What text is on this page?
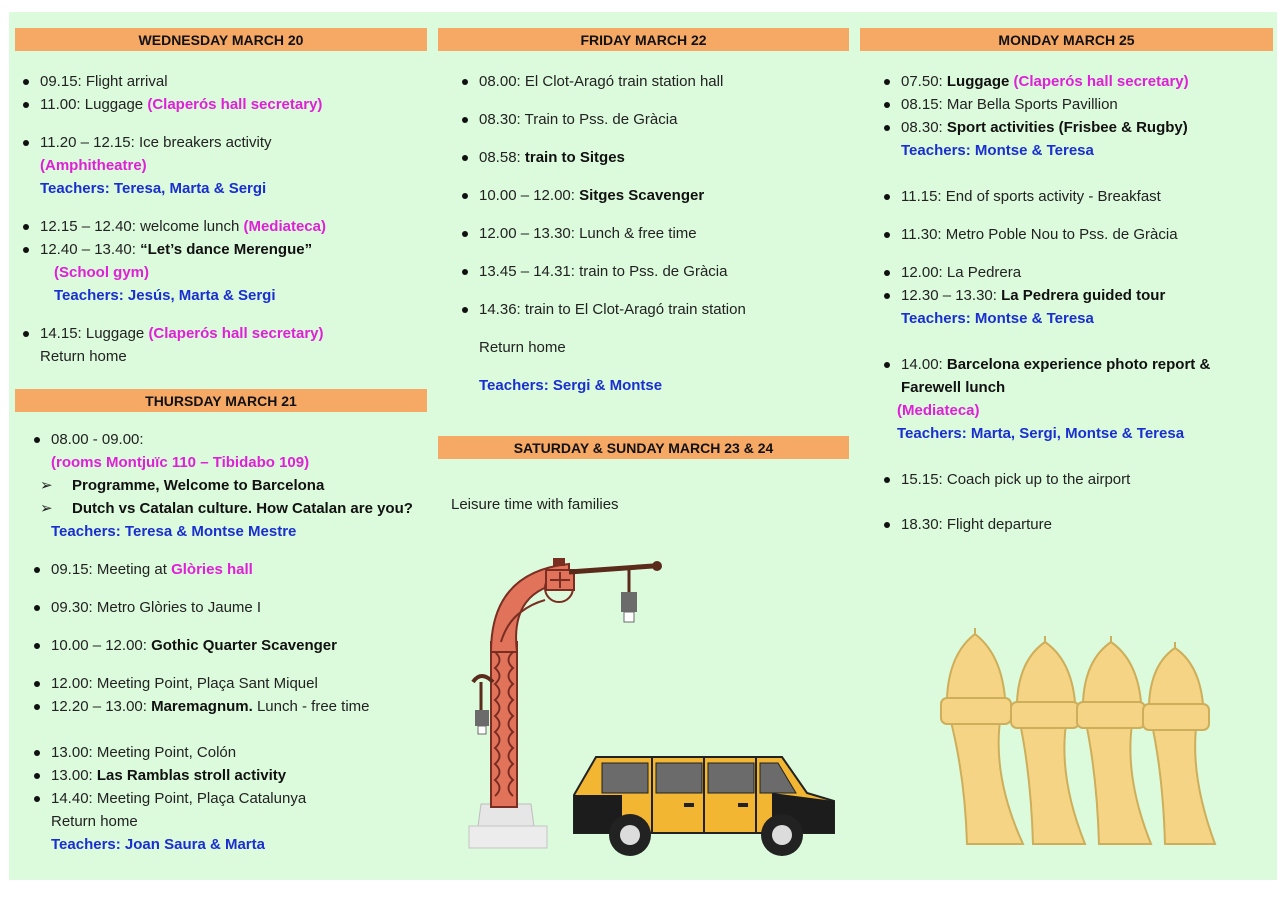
WEDNESDAY MARCH 20
09.15: Flight arrival
11.00: Luggage (Claperós hall secretary)
11.20 – 12.15: Ice breakers activity
(Amphitheatre)
Teachers: Teresa, Marta & Sergi
12.15 – 12.40: welcome lunch (Mediateca)
12.40 – 13.40: “Let’s dance Merengue”
(School gym)
Teachers: Jesús, Marta & Sergi
14.15: Luggage (Claperós hall secretary)
Return home
THURSDAY MARCH 21
08.00 - 09.00:
(rooms Montjuïc 110 – Tibidabo 109)
➢ Programme, Welcome to Barcelona
➢ Dutch vs Catalan culture. How Catalan are you?
Teachers: Teresa & Montse Mestre
09.15: Meeting at Glòries hall
09.30: Metro Glòries to Jaume I
10.00 – 12.00: Gothic Quarter Scavenger
12.00: Meeting Point, Plaça Sant Miquel
12.20 – 13.00: Maremagnum. Lunch - free time
13.00: Meeting Point, Colón
13.00: Las Ramblas stroll activity
14.40: Meeting Point, Plaça Catalunya
Return home
Teachers: Joan Saura & Marta
FRIDAY MARCH 22
08.00: El Clot-Aragó train station hall
08.30: Train to Pss. de Gràcia
08.58: train to Sitges
10.00 – 12.00: Sitges Scavenger
12.00 – 13.30: Lunch & free time
13.45 – 14.31: train to Pss. de Gràcia
14.36: train to El Clot-Aragó train station
Return home
Teachers: Sergi & Montse
SATURDAY & SUNDAY MARCH 23 & 24
Leisure time with families
MONDAY MARCH 25
07.50: Luggage (Claperós hall secretary)
08.15: Mar Bella Sports Pavillion
08.30: Sport activities (Frisbee & Rugby)
Teachers: Montse & Teresa
11.15: End of sports activity - Breakfast
11.30: Metro Poble Nou to Pss. de Gràcia
12.00: La Pedrera
12.30 – 13.30: La Pedrera guided tour
Teachers: Montse & Teresa
14.00: Barcelona experience photo report & Farewell lunch
(Mediateca)
Teachers: Marta, Sergi, Montse & Teresa
15.15: Coach pick up to the airport
18.30: Flight departure
